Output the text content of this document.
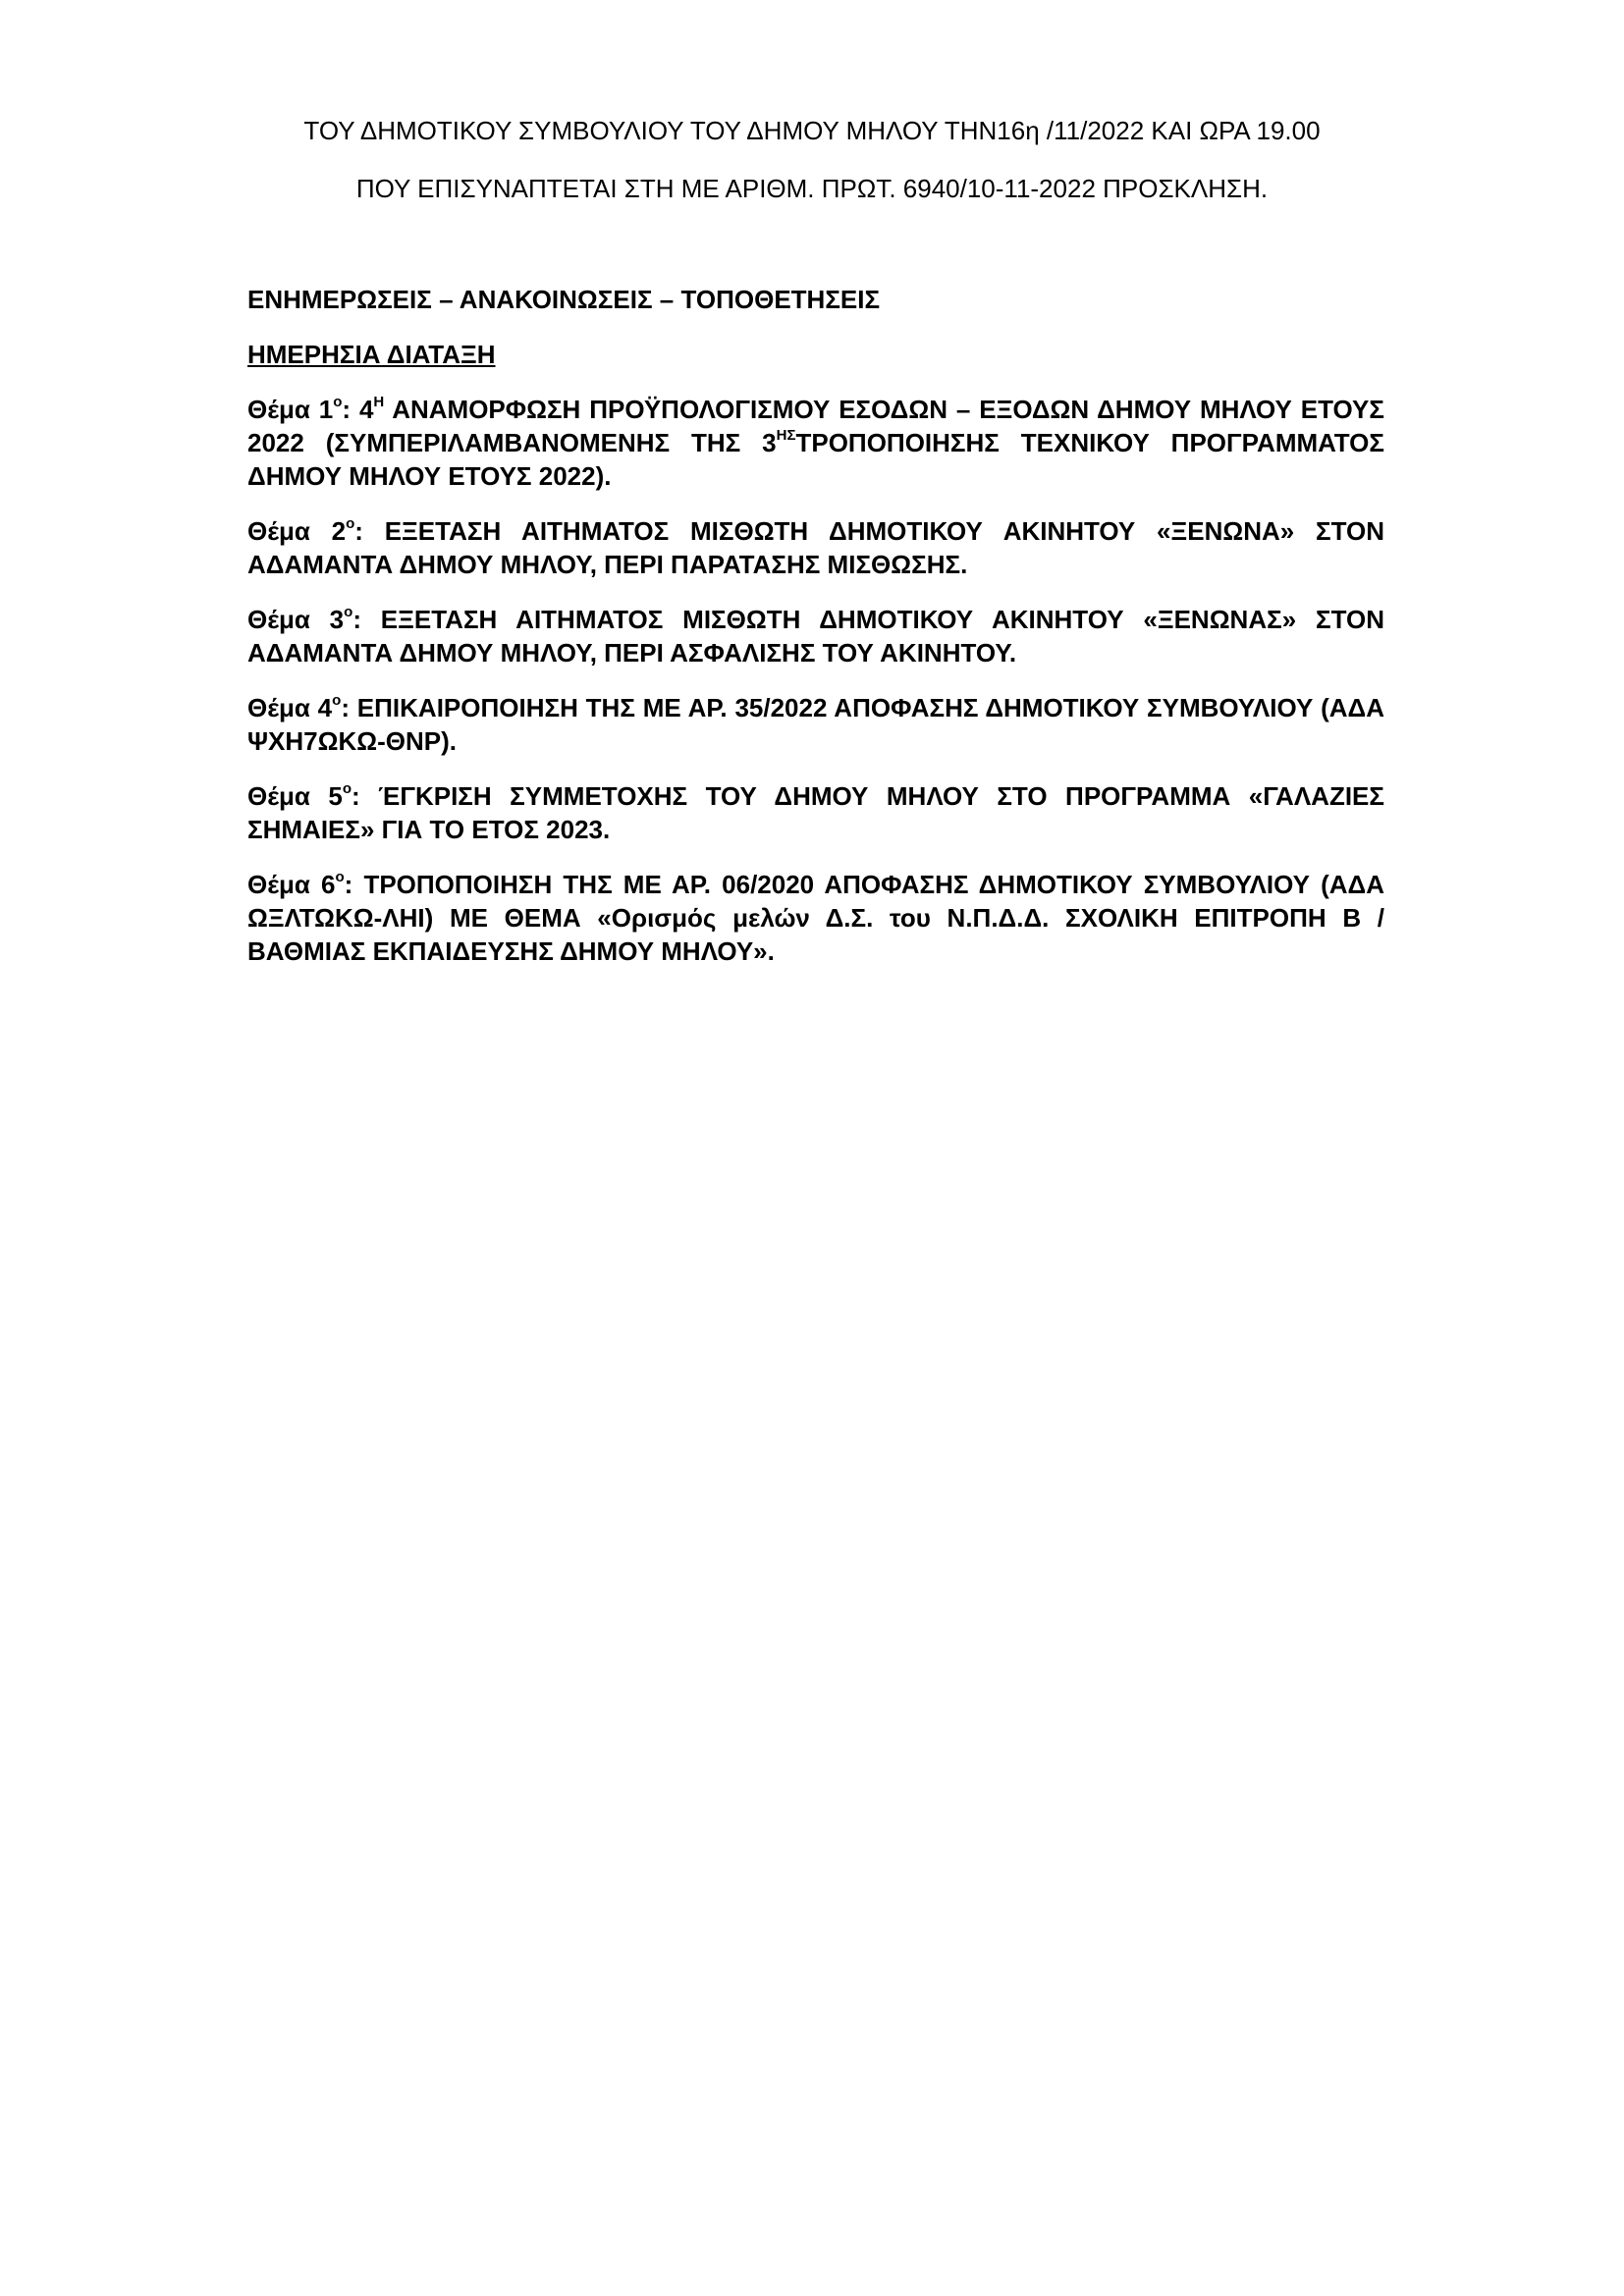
ΤΟΥ ΔΗΜΟΤΙΚΟΥ ΣΥΜΒΟΥΛΙΟΥ ΤΟΥ ΔΗΜΟΥ ΜΗΛΟΥ ΤΗΝ16η /11/2022 ΚΑΙ ΩΡΑ 19.00
ΠΟΥ ΕΠΙΣΥΝΑΠΤΕΤΑΙ ΣΤΗ ΜΕ ΑΡΙΘΜ. ΠΡΩΤ. 6940/10-11-2022 ΠΡΟΣΚΛΗΣΗ.

ΕΝΗΜΕΡΩΣΕΙΣ – ΑΝΑΚΟΙΝΩΣΕΙΣ – ΤΟΠΟΘΕΤΗΣΕΙΣ

ΗΜΕΡΗΣΙΑ ΔΙΑΤΑΞΗ

Θέμα $1^o$: $4^H$ ΑΝΑΜΟΡΦΩΣΗ ΠΡΟΫΠΟΛΟΓΙΣΜΟΥ ΕΣΟΔΩΝ – ΕΞΟΔΩΝ ΔΗΜΟΥ ΜΗΛΟΥ ΕΤΟΥΣ 2022 (ΣΥΜΠΕΡΙΛΑΜΒΑΝΟΜΕΝΗΣ ΤΗΣ $3^{H\Sigma}TPO\Pi O\Pi OIH\Sigma H\Sigma$ ΤΕΧΝΙΚΟΥ ΠΡΟΓΡΑΜΜΑΤΟΣ ΔΗΜΟΥ ΜΗΛΟΥ ΕΤΟΥΣ 2022).

Θέμα $2^o$: ΕΞΕΤΑΣΗ ΑΙΤΗΜΑΤΟΣ ΜΙΣΘΩΤΗ ΔΗΜΟΤΙΚΟΥ ΑΚΙΝΗΤΟΥ «ΞΕΝΩΝΑ» ΣΤΟΝ ΑΔΑΜΑΝΤΑ ΔΗΜΟΥ ΜΗΛΟΥ, ΠΕΡΙ ΠΑΡΑΤΑΣΗΣ ΜΙΣΘΩΣΗΣ.

Θέμα $3^o$: ΕΞΕΤΑΣΗ ΑΙΤΗΜΑΤΟΣ ΜΙΣΘΩΤΗ ΔΗΜΟΤΙΚΟΥ ΑΚΙΝΗΤΟΥ «ΞΕΝΩΝΑΣ» ΣΤΟΝ ΑΔΑΜΑΝΤΑ ΔΗΜΟΥ ΜΗΛΟΥ, ΠΕΡΙ ΑΣΦΑΛΙΣΗΣ ΤΟΥ ΑΚΙΝΗΤΟΥ.

Θέμα $4^o$: ΕΠΙΚΑΙΡΟΠΟΙΗΣΗ ΤΗΣ ΜΕ ΑΡ. 35/2022 ΑΠΟΦΑΣΗΣ ΔΗΜΟΤΙΚΟΥ ΣΥΜΒΟΥΛΙΟΥ (ΑΔΑ ΨΧΗ7ΩΚΩ-ΘΝΡ).

Θέμα $5^o$: ΈΓΚΡΙΣΗ ΣΥΜΜΕΤΟΧΗΣ ΤΟΥ ΔΗΜΟΥ ΜΗΛΟΥ ΣΤΟ ΠΡΟΓΡΑΜΜΑ «ΓΑΛΑΖΙΕΣ ΣΗΜΑΙΕΣ» ΓΙΑ ΤΟ ΕΤΟΣ 2023.

Θέμα $6^o$: ΤΡΟΠΟΠΟΙΗΣΗ ΤΗΣ ΜΕ ΑΡ. 06/2020 ΑΠΟΦΑΣΗΣ ΔΗΜΟΤΙΚΟΥ ΣΥΜΒΟΥΛΙΟΥ (ΑΔΑ ΩΞΛΤΩΚΩ-ΛΗΙ) ΜΕ ΘΕΜΑ «Ορισμός μελών Δ.Σ. του Ν.Π.Δ.Δ. ΣΧΟΛΙΚΗ ΕΠΙΤΡΟΠΗ Β / ΒΑΘΜΙΑΣ ΕΚΠΑΙΔΕΥΣΗΣ ΔΗΜΟΥ ΜΗΛΟΥ».
